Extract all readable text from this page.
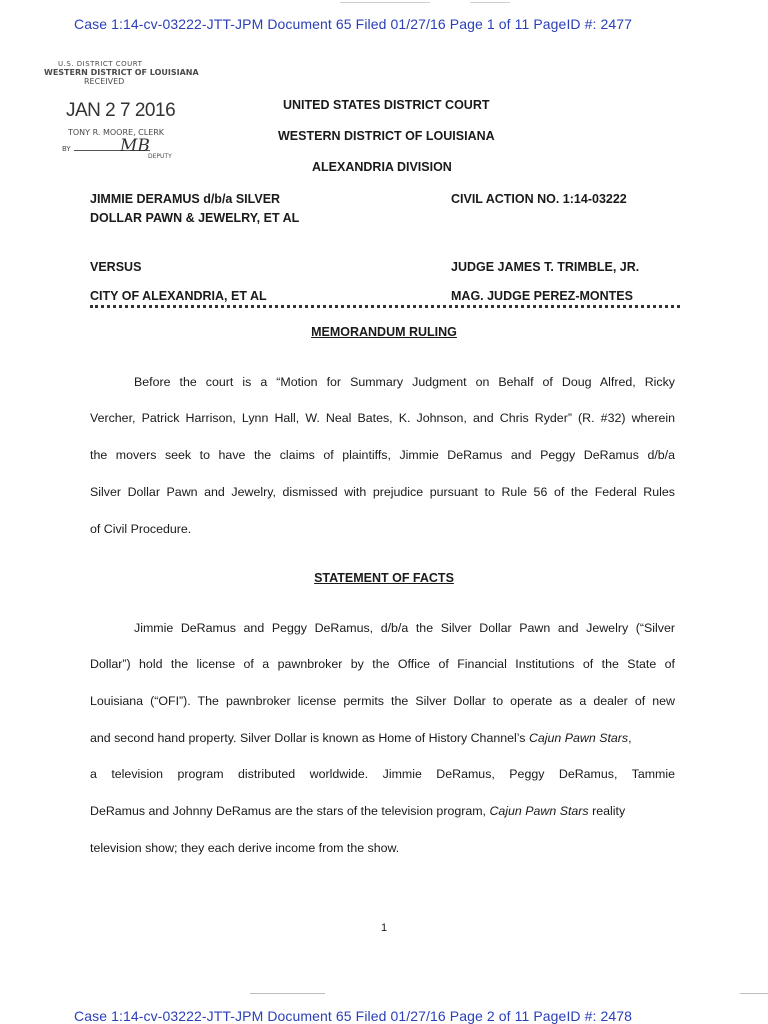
Case 1:14-cv-03222-JTT-JPM Document 65 Filed 01/27/16 Page 1 of 11 PageID #: 2477
U.S. DISTRICT COURT
WESTERN DISTRICT OF LOUISIANA
RECEIVED
JAN 2 7 2016
TONY R. MOORE, CLERK
BY	MB
DEPUTY
UNITED STATES DISTRICT COURT
WESTERN DISTRICT OF LOUISIANA
ALEXANDRIA DIVISION
JIMMIE DERAMUS d/b/a SILVER
DOLLAR PAWN & JEWELRY, ET AL
CIVIL ACTION NO. 1:14-03222
VERSUS	JUDGE JAMES T. TRIMBLE, JR.
CITY OF ALEXANDRIA, ET AL	MAG. JUDGE PEREZ-MONTES
MEMORANDUM RULING
Before the court is a “Motion for Summary Judgment on Behalf of Doug Alfred, Ricky
Vercher, Patrick Harrison, Lynn Hall, W. Neal Bates, K. Johnson, and Chris Ryder” (R. #32) wherein
the movers seek to have the claims of plaintiffs, Jimmie DeRamus and Peggy DeRamus d/b/a
Silver Dollar Pawn and Jewelry, dismissed with prejudice pursuant to Rule 56 of the Federal Rules
of Civil Procedure.
STATEMENT OF FACTS
Jimmie DeRamus and Peggy DeRamus, d/b/a the Silver Dollar Pawn and Jewelry (“Silver
Dollar”) hold the license of a pawnbroker by the Office of Financial Institutions of the State of
Louisiana (“OFI”). The pawnbroker license permits the Silver Dollar to operate as a dealer of new
and second hand property. Silver Dollar is known as Home of History Channel’s Cajun Pawn Stars,
a television program distributed worldwide. Jimmie DeRamus, Peggy DeRamus, Tammie
DeRamus and Johnny DeRamus are the stars of the television program, Cajun Pawn Stars reality
television show; they each derive income from the show.
1
Case 1:14-cv-03222-JTT-JPM Document 65 Filed 01/27/16 Page 2 of 11 PageID #: 2478
